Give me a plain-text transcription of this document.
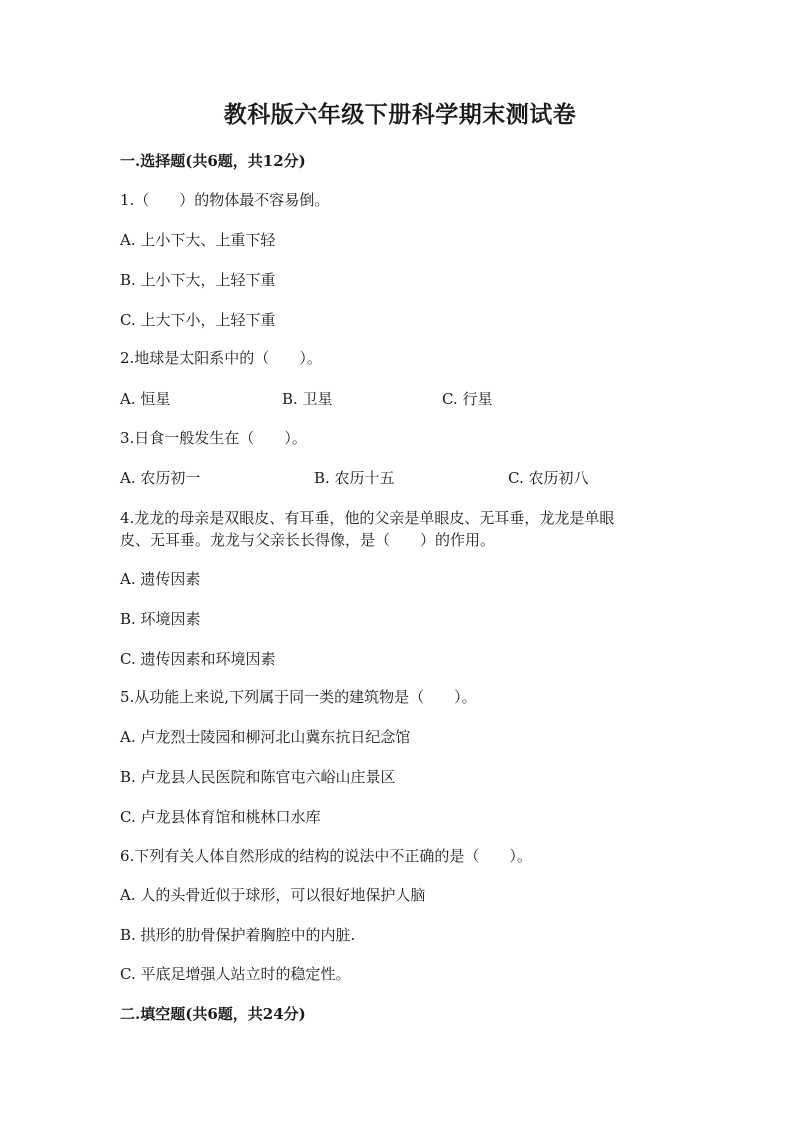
教科版六年级下册科学期末测试卷
一.选择题(共6题，共12分)
1.（　　）的物体最不容易倒。
A. 上小下大、上重下轻
B. 上小下大，上轻下重
C. 上大下小，上轻下重
2.地球是太阳系中的（　　）。
A. 恒星	B. 卫星	C. 行星
3.日食一般发生在（　　）。
A. 农历初一	B. 农历十五	C. 农历初八
4.龙龙的母亲是双眼皮、有耳垂，他的父亲是单眼皮、无耳垂，龙龙是单眼
皮、无耳垂。龙龙与父亲长长得像，是（　　）的作用。
A. 遗传因素
B. 环境因素
C. 遗传因素和环境因素
5.从功能上来说,下列属于同一类的建筑物是（　　）。
A. 卢龙烈士陵园和柳河北山冀东抗日纪念馆
B. 卢龙县人民医院和陈官屯六峪山庄景区
C. 卢龙县体育馆和桃林口水库
6.下列有关人体自然形成的结构的说法中不正确的是（　　）。
A. 人的头骨近似于球形，可以很好地保护人脑
B. 拱形的肋骨保护着胸腔中的内脏.
C. 平底足增强人站立时的稳定性。
二.填空题(共6题，共24分)
